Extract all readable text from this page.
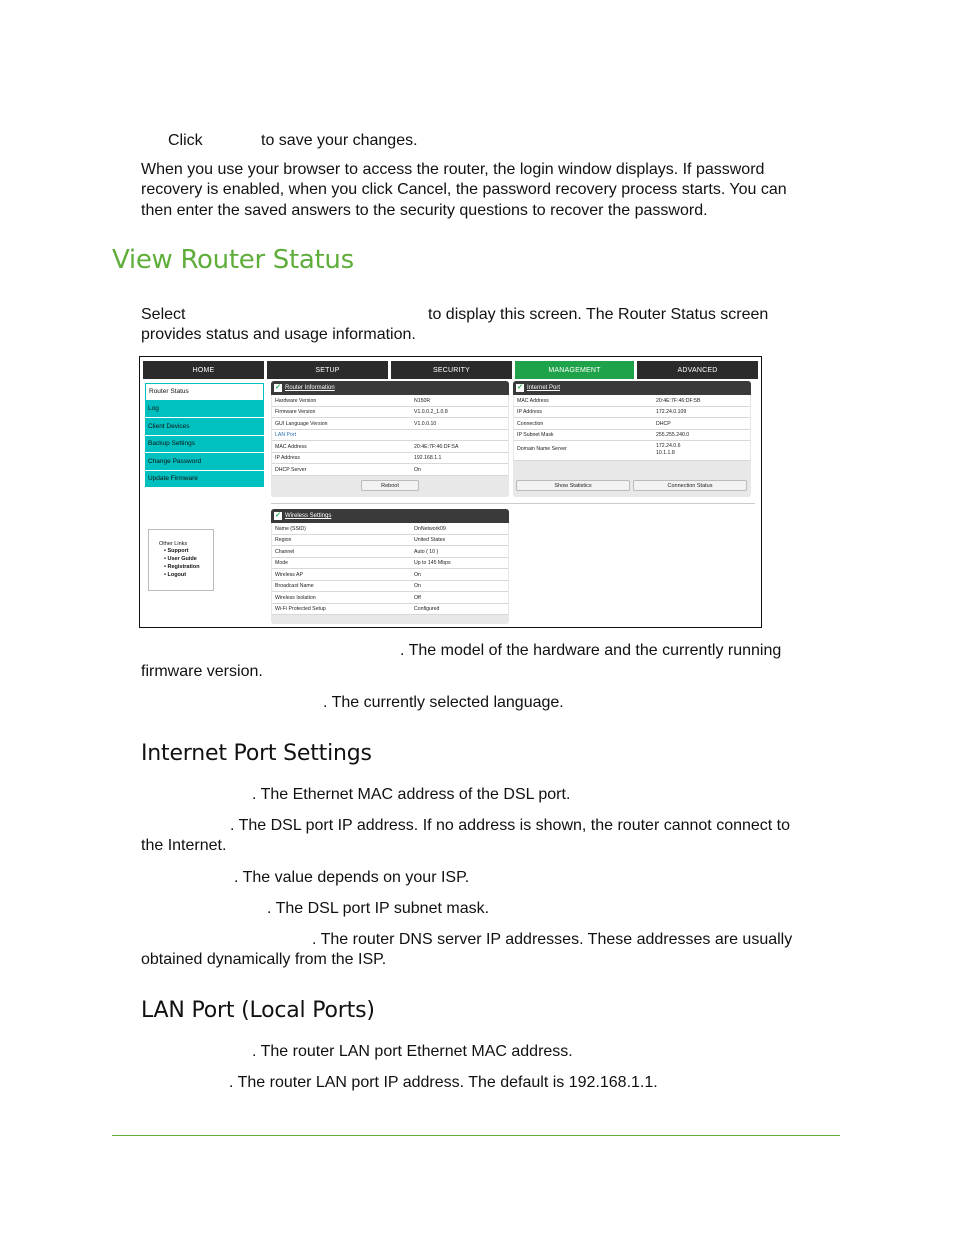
Click	to save your changes.
When you use your browser to access the router, the login window displays. If password
recovery is enabled, when you click Cancel, the password recovery process starts. You can
then enter the saved answers to the security questions to recover the password.
View Router Status
Select	to display this screen. The Router Status screen
provides status and usage information.
HOME	SETUP	SECURITY	MANAGEMENT	ADVANCED
Router Status
Log
Client Devices
Backup Settings
Change Password
Update Firmware
✓ Router Information
Hardware Version	N150R
Firmware Version	V1.0.0.2_1.0.8
GUI Language Version	V1.0.0.10
LAN Port
MAC Address	20:4E:7F:46:DF:5A
IP Address	192.168.1.1
DHCP Server	On
Reboot
✓ Internet Port
MAC Address	20:4E:7F:46:DF:5B
IP Address	172.24.0.109
Connection	DHCP
IP Subnet Mask	255.255.240.0
Domain Name Server	172.24.0.6
10.1.1.8
Show Statistics	Connection Status
✓ Wireless Settings
Name (SSID)	OnNetwork09
Region	United States
Channel	Auto ( 10 )
Mode	Up to 145 Mbps
Wireless AP	On
Broadcast Name	On
Wireless Isolation	Off
Wi-Fi Protected Setup	Configured
Other Links
• Support
• User Guide
• Registration
• Logout
. The model of the hardware and the currently running
firmware version.
. The currently selected language.
Internet Port Settings
. The Ethernet MAC address of the DSL port.
. The DSL port IP address. If no address is shown, the router cannot connect to
the Internet.
. The value depends on your ISP.
. The DSL port IP subnet mask.
. The router DNS server IP addresses. These addresses are usually
obtained dynamically from the ISP.
LAN Port (Local Ports)
. The router LAN port Ethernet MAC address.
. The router LAN port IP address. The default is 192.168.1.1.
